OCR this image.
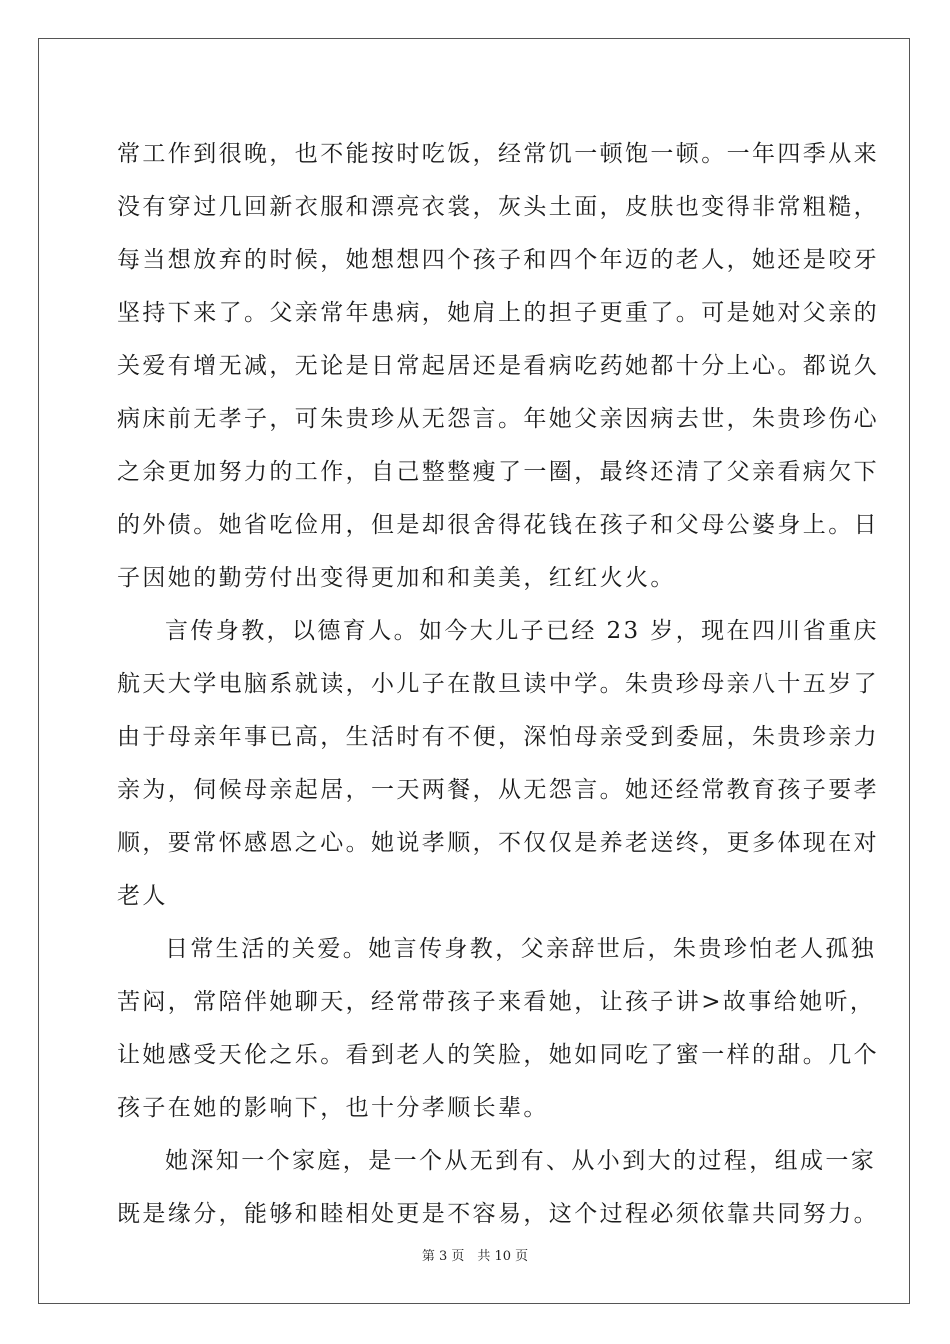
常工作到很晚，也不能按时吃饭，经常饥一顿饱一顿。一年四季从来
没有穿过几回新衣服和漂亮衣裳，灰头土面，皮肤也变得非常粗糙，
每当想放弃的时候，她想想四个孩子和四个年迈的老人，她还是咬牙
坚持下来了。父亲常年患病，她肩上的担子更重了。可是她对父亲的
关爱有增无减，无论是日常起居还是看病吃药她都十分上心。都说久
病床前无孝子，可朱贵珍从无怨言。年她父亲因病去世，朱贵珍伤心
之余更加努力的工作，自己整整瘦了一圈，最终还清了父亲看病欠下
的外债。她省吃俭用，但是却很舍得花钱在孩子和父母公婆身上。日
子因她的勤劳付出变得更加和和美美，红红火火。
言传身教，以德育人。如今大儿子已经 23 岁，现在四川省重庆
航天大学电脑系就读，小儿子在散旦读中学。朱贵珍母亲八十五岁了
由于母亲年事已高，生活时有不便，深怕母亲受到委屈，朱贵珍亲力
亲为，伺候母亲起居，一天两餐，从无怨言。她还经常教育孩子要孝
顺，要常怀感恩之心。她说孝顺，不仅仅是养老送终，更多体现在对
老人
日常生活的关爱。她言传身教，父亲辞世后，朱贵珍怕老人孤独
苦闷，常陪伴她聊天，经常带孩子来看她，让孩子讲>故事给她听，
让她感受天伦之乐。看到老人的笑脸，她如同吃了蜜一样的甜。几个
孩子在她的影响下，也十分孝顺长辈。
她深知一个家庭，是一个从无到有、从小到大的过程，组成一家
既是缘分，能够和睦相处更是不容易，这个过程必须依靠共同努力。
第 3 页　共 10 页
